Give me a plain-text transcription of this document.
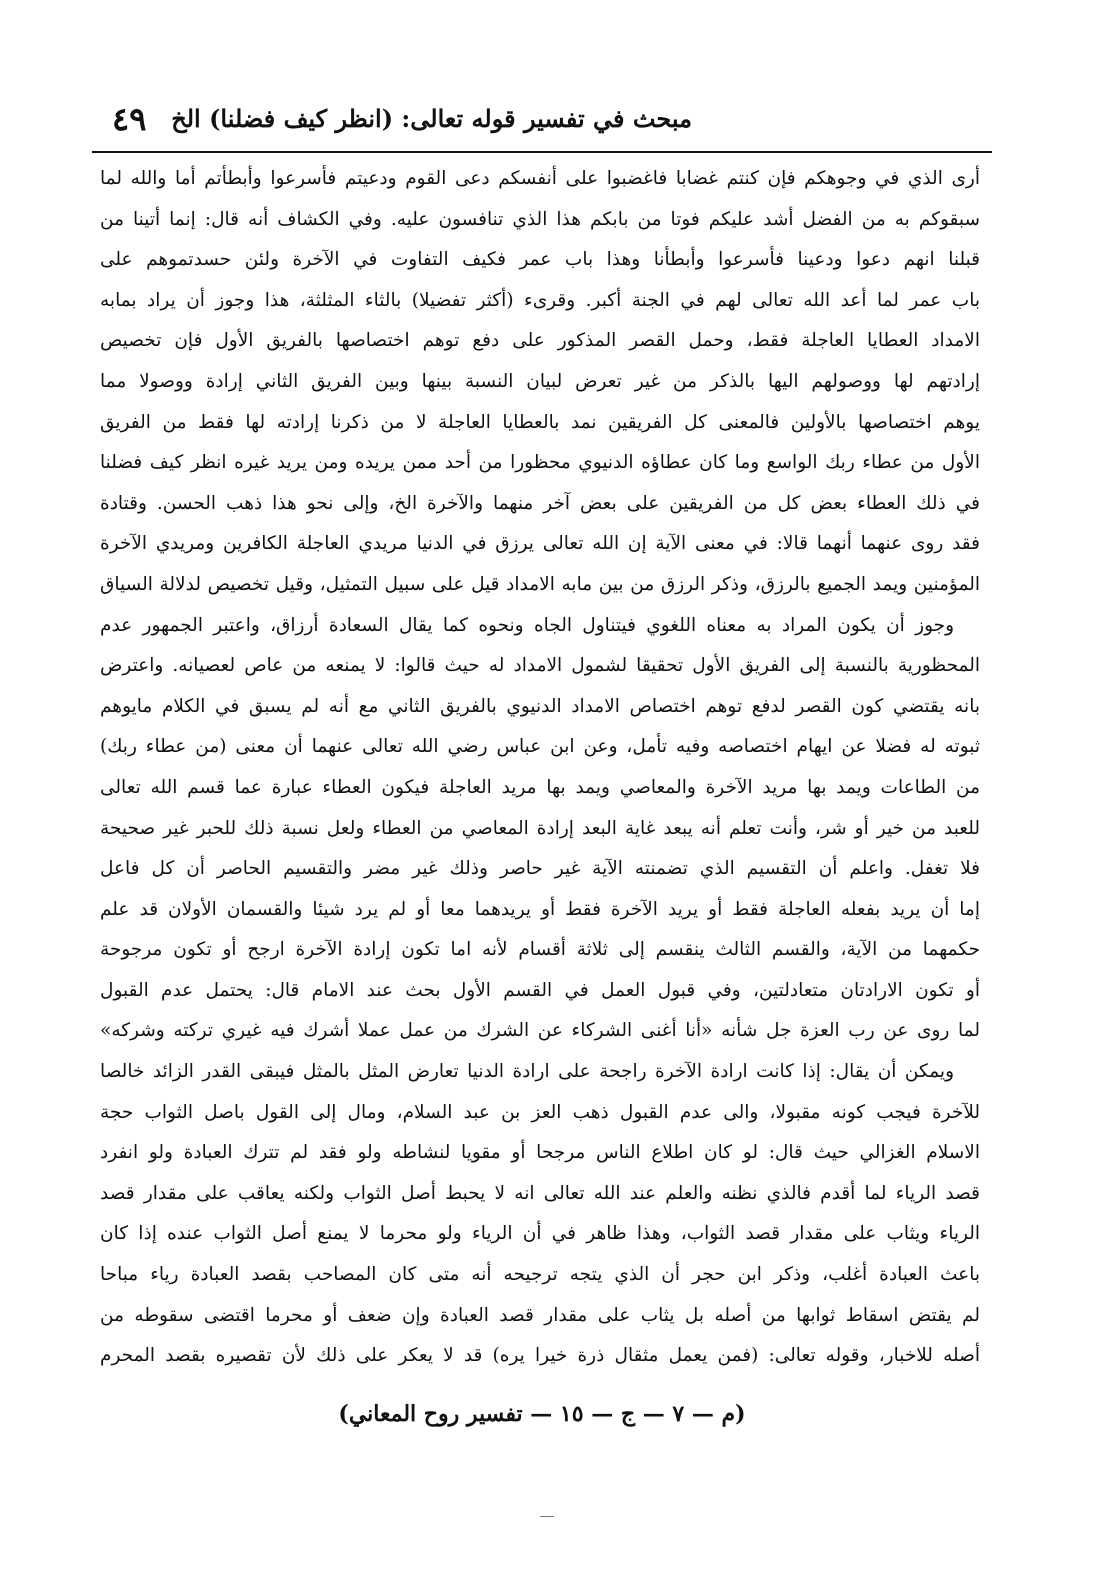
مبحث في تفسير قوله تعالى: (انظر كيف فضلنا) الخ
٤٩
أرى الذي في وجوهكم فإن كنتم غضابا فاغضبوا على أنفسكم دعى القوم ودعيتم فأسرعوا وأبطأتم أما والله لما
سبقوكم به من الفضل أشد عليكم فوتا من بابكم هذا الذي تنافسون عليه. وفي الكشاف أنه قال: إنما أتينا من
قبلنا انهم دعوا ودعينا فأسرعوا وأبطأنا وهذا باب عمر فكيف التفاوت في الآخرة ولئن حسدتموهم على
باب عمر لما أعد الله تعالى لهم في الجنة أكبر. وقرىء (أكثر تفضيلا) بالثاء المثلثة، هذا وجوز أن يراد بمابه
الامداد العطايا العاجلة فقط، وحمل القصر المذكور على دفع توهم اختصاصها بالفريق الأول فإن تخصيص
إرادتهم لها ووصولهم اليها بالذكر من غير تعرض لبيان النسبة بينها وبين الفريق الثاني إرادة ووصولا مما
يوهم اختصاصها بالأولين فالمعنى كل الفريقين نمد بالعطايا العاجلة لا من ذكرنا إرادته لها فقط من الفريق
الأول من عطاء ربك الواسع وما كان عطاؤه الدنيوي محظورا من أحد ممن يريده ومن يريد غيره انظر كيف فضلنا
في ذلك العطاء بعض كل من الفريقين على بعض آخر منهما والآخرة الخ، وإلى نحو هذا ذهب الحسن. وقتادة
فقد روى عنهما أنهما قالا: في معنى الآية إن الله تعالى يرزق في الدنيا مريدي العاجلة الكافرين ومريدي الآخرة
المؤمنين ويمد الجميع بالرزق، وذكر الرزق من بين مابه الامداد قيل على سبيل التمثيل، وقيل تخصيص لدلالة السياق
وجوز أن يكون المراد به معناه اللغوي فيتناول الجاه ونحوه كما يقال السعادة أرزاق، واعتبر الجمهور عدم
المحظورية بالنسبة إلى الفريق الأول تحقيقا لشمول الامداد له حيث قالوا: لا يمنعه من عاص لعصيانه. واعترض
بانه يقتضي كون القصر لدفع توهم اختصاص الامداد الدنيوي بالفريق الثاني مع أنه لم يسبق في الكلام مايوهم
ثبوته له فضلا عن ايهام اختصاصه وفيه تأمل، وعن ابن عباس رضي الله تعالى عنهما أن معنى (من عطاء ربك)
من الطاعات ويمد بها مريد الآخرة والمعاصي ويمد بها مريد العاجلة فيكون العطاء عبارة عما قسم الله تعالى
للعبد من خير أو شر، وأنت تعلم أنه يبعد غاية البعد إرادة المعاصي من العطاء ولعل نسبة ذلك للحبر غير صحيحة
فلا تغفل. واعلم أن التقسيم الذي تضمنته الآية غير حاصر وذلك غير مضر والتقسيم الحاصر أن كل فاعل
إما أن يريد بفعله العاجلة فقط أو يريد الآخرة فقط أو يريدهما معا أو لم يرد شيئا والقسمان الأولان قد علم
حكمهما من الآية، والقسم الثالث ينقسم إلى ثلاثة أقسام لأنه اما تكون إرادة الآخرة ارجح أو تكون مرجوحة
أو تكون الارادتان متعادلتين، وفي قبول العمل في القسم الأول بحث عند الامام قال: يحتمل عدم القبول
لما روى عن رب العزة جل شأنه «أنا أغنى الشركاء عن الشرك من عمل عملا أشرك فيه غيري تركته وشركه»
ويمكن أن يقال: إذا كانت ارادة الآخرة راجحة على ارادة الدنيا تعارض المثل بالمثل فيبقى القدر الزائد خالصا
للآخرة فيجب كونه مقبولا، والى عدم القبول ذهب العز بن عبد السلام، ومال إلى القول باصل الثواب حجة
الاسلام الغزالي حيث قال: لو كان اطلاع الناس مرجحا أو مقويا لنشاطه ولو فقد لم تترك العبادة ولو انفرد
قصد الرياء لما أقدم فالذي نظنه والعلم عند الله تعالى انه لا يحبط أصل الثواب ولكنه يعاقب على مقدار قصد
الرياء ويثاب على مقدار قصد الثواب، وهذا ظاهر في أن الرياء ولو محرما لا يمنع أصل الثواب عنده إذا كان
باعث العبادة أغلب، وذكر ابن حجر أن الذي يتجه ترجيحه أنه متى كان المصاحب بقصد العبادة رياء مباحا
لم يقتض اسقاط ثوابها من أصله بل يثاب على مقدار قصد العبادة وإن ضعف أو محرما اقتضى سقوطه من
أصله للاخبار، وقوله تعالى: (فمن يعمل مثقال ذرة خيرا يره) قد لا يعكر على ذلك لأن تقصيره بقصد المحرم
(م — ٧ — ج — ١٥ — تفسير روح المعاني)
